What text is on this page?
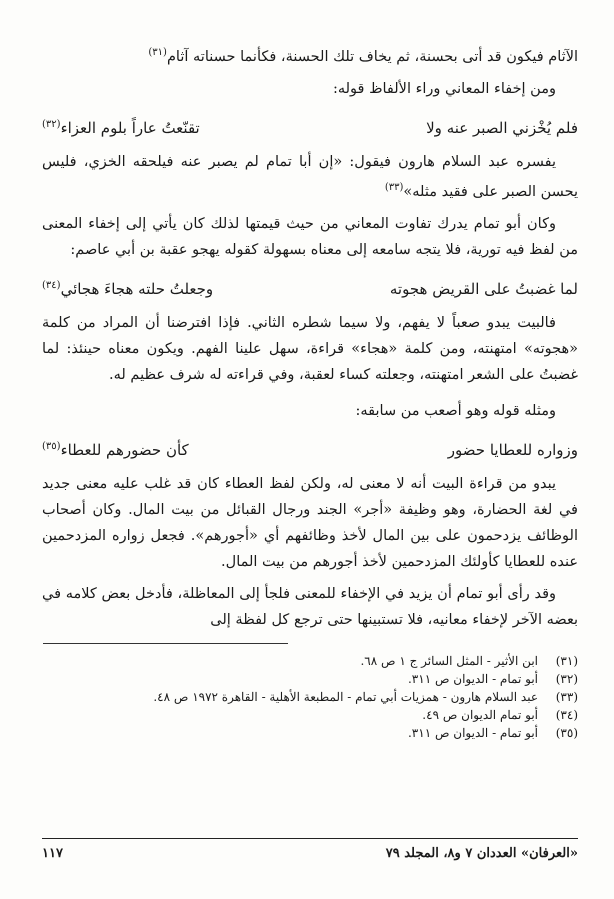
الآثام فيكون قد أتى بحسنة، ثم يخاف تلك الحسنة، فكأنما حسناته آثام$^{(٣١)}$

ومن إخفاء المعاني وراء الألفاظ قوله:

فلم يُخْزني الصبر عنه ولا
تقنّعتُ عاراً بلوم العزاء$^{(٣٢)}$

يفسره عبد السلام هارون فيقول: «إن أبا تمام لم يصبر عنه فيلحقه الخزي، فليس يحسن الصبر على فقيد مثله»$^{(٣٣)}$

وكان أبو تمام يدرك تفاوت المعاني من حيث قيمتها لذلك كان يأتي إلى إخفاء المعنى من لفظ فيه تورية، فلا يتجه سامعه إلى معناه بسهولة كقوله يهجو عقبة بن أبي عاصم:

لما غضبتُ على القريض هجوته
وجعلتُ حلته هجاءَ هجائي$^{(٣٤)}$

فالبيت يبدو صعباً لا يفهم، ولا سيما شطره الثاني. فإذا افترضنا أن المراد من كلمة «هجوته» امتهنته، ومن كلمة «هجاء» قراءة، سهل علينا الفهم. ويكون معناه حينئذ: لما غضبتُ على الشعر امتهنته، وجعلته كساء لعقبة، وفي قراءته له شرف عظيم له.

ومثله قوله وهو أصعب من سابقه:

وزواره للعطايا حضور
كأن حضورهم للعطاء$^{(٣٥)}$

يبدو من قراءة البيت أنه لا معنى له، ولكن لفظ العطاء كان قد غلب عليه معنى جديد في لغة الحضارة، وهو وظيفة «أجر» الجند ورجال القبائل من بيت المال. وكان أصحاب الوظائف يزدحمون على بين المال لأخذ وظائفهم أي «أجورهم». فجعل زواره المزدحمين عنده للعطايا كأولئك المزدحمين لأخذ أجورهم من بيت المال.

وقد رأى أبو تمام أن يزيد في الإخفاء للمعنى فلجأ إلى المعاظلة، فأدخل بعض كلامه في بعضه الآخر لإخفاء معانيه، فلا تستبينها حتى ترجع كل لفظة إلى

(٣١)
ابن الأثير - المثل السائر ج ١ ص ٦٨.
(٣٢)
أبو تمام - الديوان ص ٣١١.
(٣٣)
عبد السلام هارون - همزيات أبي تمام - المطبعة الأهلية - القاهرة ١٩٧٢ ص ٤٨.
(٣٤)
أبو تمام الديوان ص ٤٩.
(٣٥)
أبو تمام - الديوان ص ٣١١.
«العرفان» العددان ٧ و٨، المجلد ٧٩
١١٧
